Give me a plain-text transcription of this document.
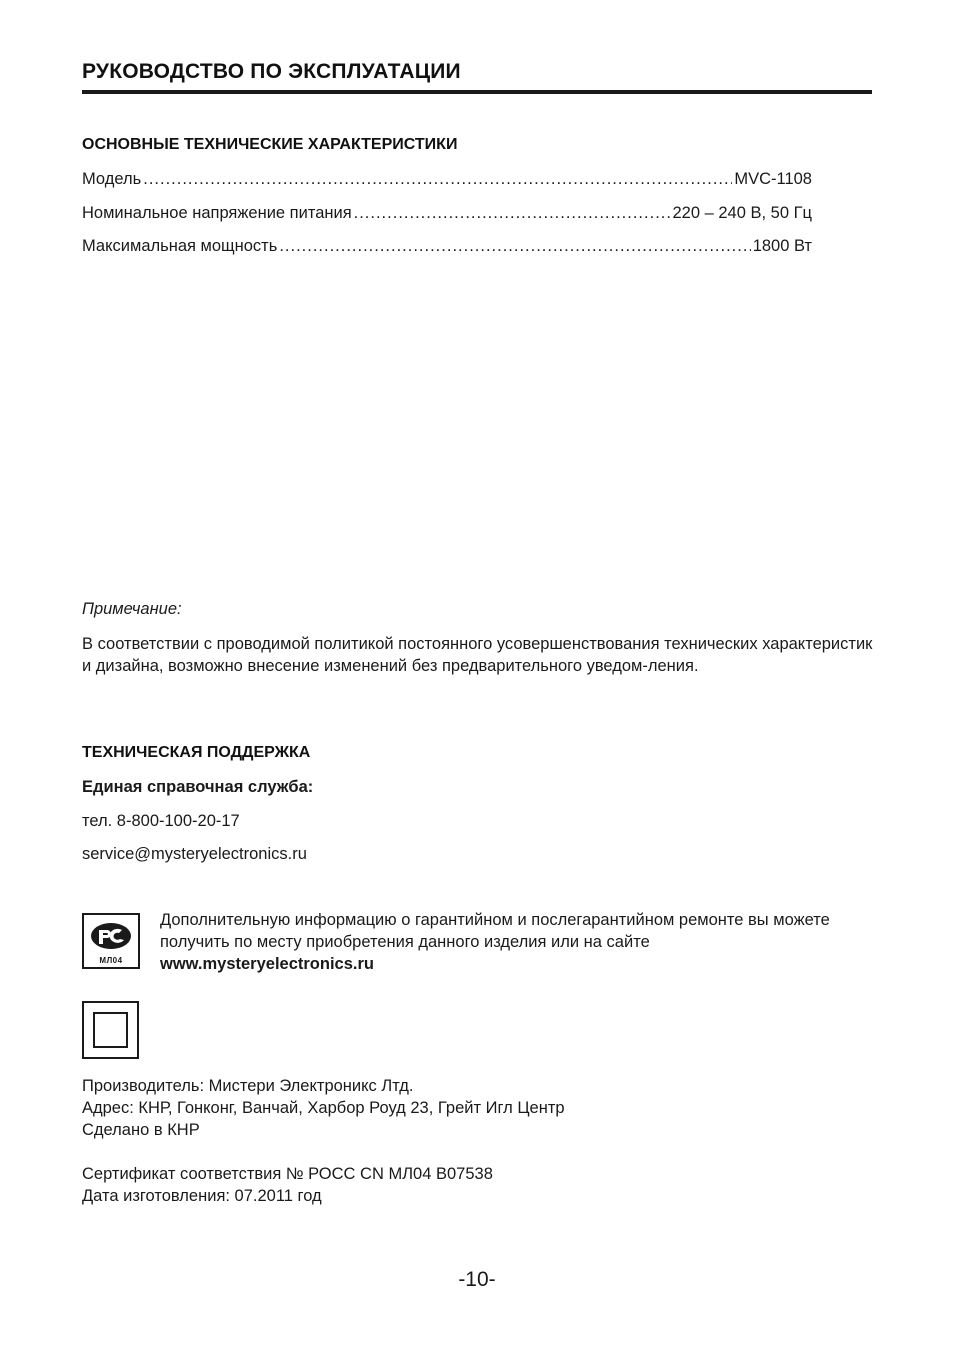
РУКОВОДСТВО ПО ЭКСПЛУАТАЦИИ
ОСНОВНЫЕ ТЕХНИЧЕСКИЕ ХАРАКТЕРИСТИКИ
Модель .....	MVC-1108
Номинальное напряжение питания .....	220 – 240 В, 50 Гц
Максимальная мощность .....	1800 Вт
Примечание:
В соответствии с проводимой политикой постоянного усовершенствования технических характеристик и дизайна, возможно внесение изменений без предварительного уведом-ления.
ТЕХНИЧЕСКАЯ ПОДДЕРЖКА
Единая справочная служба:
тел. 8-800-100-20-17
service@mysteryelectronics.ru
МЛ04
Дополнительную информацию о гарантийном и послегарантийном ремонте вы можете получить по месту приобретения данного изделия или на сайте
www.mysteryelectronics.ru
Производитель: Мистери Электроникс Лтд.
Адрес: КНР, Гонконг, Ванчай, Харбор Роуд 23, Грейт Игл Центр
Сделано в КНР
Сертификат соответствия № РОСС CN МЛ04 В07538
Дата изготовления: 07.2011 год
-10-
